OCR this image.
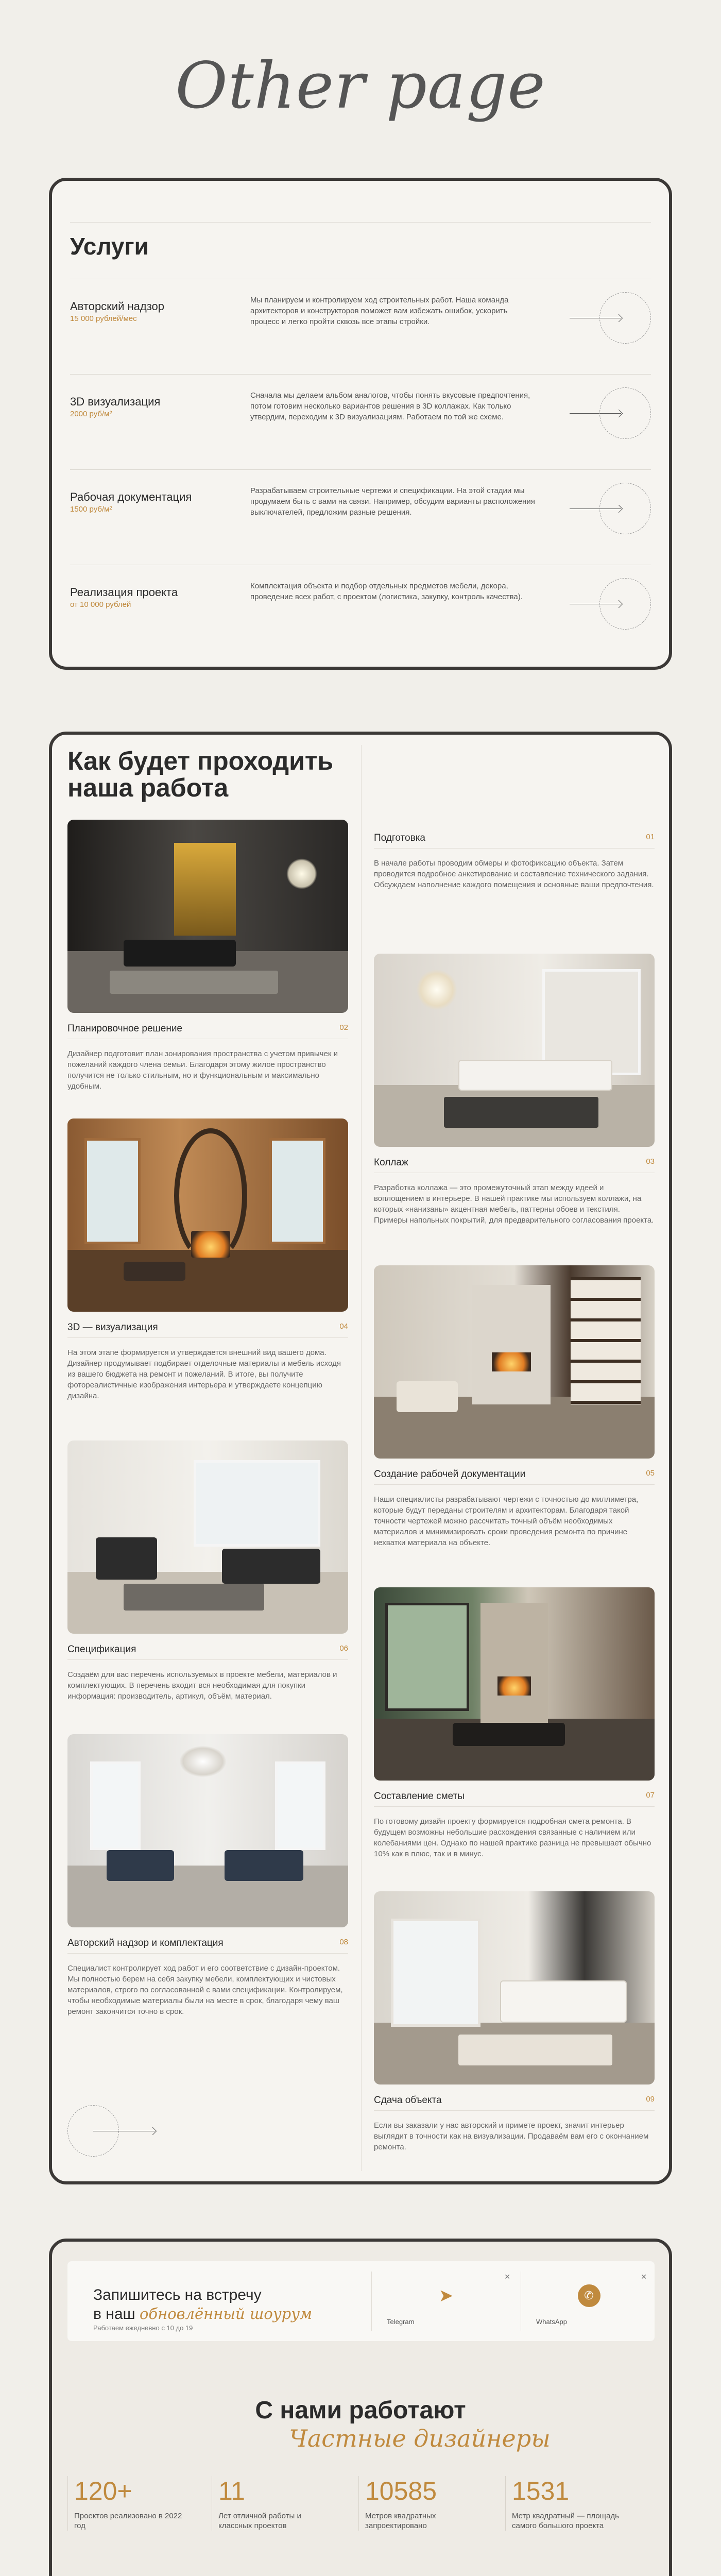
Other page
Услуги
Авторский надзор
15 000 рублей/мес
Мы планируем и контролируем ход строительных работ. Наша команда архитекторов и конструкторов поможет вам избежать ошибок, ускорить процесс и легко пройти сквозь все этапы стройки.
3D визуализация
2000 руб/м²
Сначала мы делаем альбом аналогов, чтобы понять вкусовые предпочтения, потом готовим несколько вариантов решения в 3D коллажах. Как только утвердим, переходим к 3D визуализациям. Работаем по той же схеме.
Рабочая документация
1500 руб/м²
Разрабатываем строительные чертежи и спецификации. На этой стадии мы продумаем быть с вами на связи. Например, обсудим варианты расположения выключателей, предложим разные решения.
Реализация проекта
от 10 000 рублей
Комплектация объекта и подбор отдельных предметов мебели, декора, проведение всех работ, с проектом (логистика, закупку, контроль качества).
Как будет проходить наша работа
Подготовка	01
В начале работы проводим обмеры и фотофиксацию объекта. Затем проводится подробное анкетирование и составление технического задания. Обсуждаем наполнение каждого помещения и основные ваши предпочтения.
Планировочное решение	02
Дизайнер подготовит план зонирования пространства с учетом привычек и пожеланий каждого члена семьи. Благодаря этому жилое пространство получится не только стильным, но и функциональным и максимально удобным.
Коллаж	03
Разработка коллажа — это промежуточный этап между идеей и воплощением в интерьере. В нашей практике мы используем коллажи, на которых «нанизаны» акцентная мебель, паттерны обоев и текстиля. Примеры напольных покрытий, для предварительного согласования проекта.
3D — визуализация	04
На этом этапе формируется и утверждается внешний вид вашего дома. Дизайнер продумывает подбирает отделочные материалы и мебель исходя из вашего бюджета на ремонт и пожеланий. В итоге, вы получите фотореалистичные изображения интерьера и утверждаете концепцию дизайна.
Создание рабочей документации	05
Наши специалисты разрабатывают чертежи с точностью до миллиметра, которые будут переданы строителям и архитекторам. Благодаря такой точности чертежей можно рассчитать точный объём необходимых материалов и минимизировать сроки проведения ремонта по причине нехватки материала на объекте.
Спецификация	06
Создаём для вас перечень используемых в проекте мебели, материалов и комплектующих. В перечень входит вся необходимая для покупки информация: производитель, артикул, объём, материал.
Составление сметы	07
По готовому дизайн проекту формируется подробная смета ремонта. В будущем возможны небольшие расхождения связанные с наличием или колебаниями цен. Однако по нашей практике разница не превышает обычно 10% как в плюс, так и в минус.
Авторский надзор и комплектация	08
Специалист контролирует ход работ и его соответствие с дизайн-проектом. Мы полностью берем на себя закупку мебели, комплектующих и чистовых материалов, строго по согласованной с вами спецификации. Контролируем, чтобы необходимые материалы были на месте в срок, благодаря чему ваш ремонт закончится точно в срок.
Сдача объекта	09
Если вы заказали у нас авторский и примете проект, значит интерьер выглядит в точности как на визуализации. Продаваём вам его с окончанием ремонта.
Запишитесь на встречу
в наш обновлённый шоурум
Работаем ежедневно с 10 до 19
✕
➤
Telegram
✕
✆
WhatsApp
С нами работают
Частные дизайнеры
120+
Проектов реализовано в 2022 год
11
Лет отличной работы и классных проектов
10585
Метров квадратных запроектировано
1531
Метр квадратный — площадь самого большого проекта
